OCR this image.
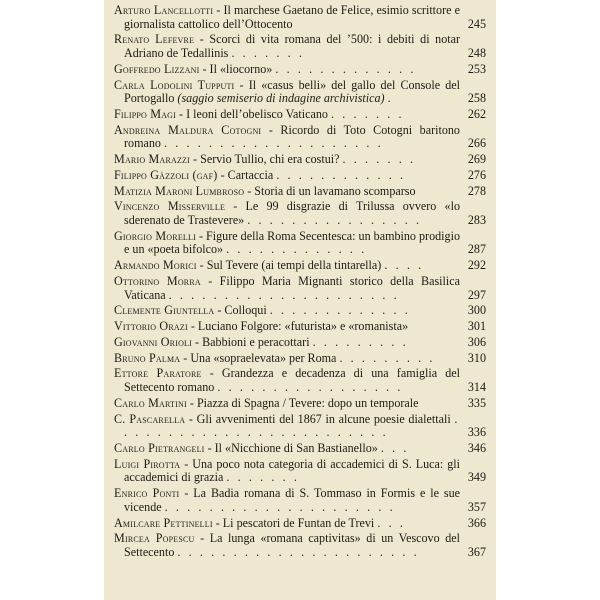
Arturo Lancellotti - Il marchese Gaetano de Felice, esimio scrittore e giornalista cattolico dell’Ottocento	245
Renato Lefevre - Scorci di vita romana del ’500: i debiti di notar Adriano de Tedallinis . . . . . . .	248
Goffredo Lizzani - Il «liocorno» . . . . . . . . . . . . .	253
Carla Lodolini Tupputi - Il «casus belli» del gallo del Console del Portogallo (saggio semiserio di indagine archivistica) .	258
Filippo Magi - I leoni dell’obelisco Vaticano . . . . . . .	262
Andreina Maldura Cotogni - Ricordo di Toto Cotogni baritono romano . . . . . . . . . . . . . . . . . . . .	266
Mario Marazzi - Servio Tullio, chi era costui? . . . . . . .	269
Filippo Gàzzoli (gaf) - Cartaccia . . . . . . . . . . . .	276
Matizia Maroni Lumbroso - Storia di un lavamano scomparso	278
Vincenzo Misserville - Le 99 disgrazie di Trilussa ovvero «lo sderenato de Trastevere» . . . . . . . . . . . . . . . .	283
Giorgio Morelli - Figure della Roma Secentesca: un bambino prodigio e un «poeta bifolco» . . . . . . . . . . . . .	287
Armando Morici - Sul Tevere (ai tempi della tintarella) . . . .	292
Ottorino Morra - Filippo Maria Mignanti storico della Basilica Vaticana . . . . . . . . . . . . . . . . . . . . .	297
Clemente Giuntella - Colloqui . . . . . . . . . . . . .	300
Vittorio Orazi - Luciano Folgore: «futurista» e «romanista»	301
Giovanni Orioli - Babbioni e peracottari . . . . . . . . .	306
Bruno Palma - Una «sopraelevata» per Roma . . . . . . . . .	310
Ettore Paratore - Grandezza e decadenza di una famiglia del Settecento romano . . . . . . . . . . . . . . . . .	314
Carlo Martini - Piazza di Spagna / Tevere: dopo un temporale	335
C. Pascarella - Gli avvenimenti del 1867 in alcune poesie dialettali . . . . . . . . . . . . . . . . . . . . . . . . .	336
Carlo Pietrangeli - Il «Nicchione di San Bastianello» . . .	346
Luigi Pirotta - Una poco nota categoria di accademici di S. Luca: gli accademici di grazia . . . . . . .	349
Enrico Ponti - La Badia romana di S. Tommaso in Formis e le sue vicende . . . . . . . . . . . . . . . . . . . . .	357
Amilcare Pettinelli - Li pescatori de Funtan de Trevi . . .	366
Mircea Popescu - La lunga «romana captivitas» di un Vescovo del Settecento . . . . . . . . . . . . . . . . . . . . . .	367
